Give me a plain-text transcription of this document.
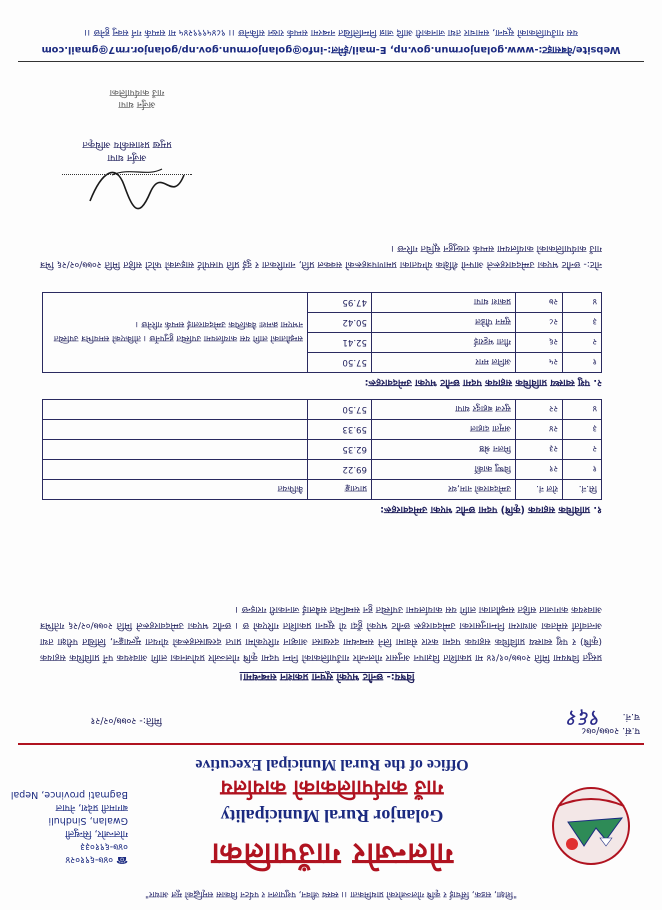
"शिक्षा, सडक, सिँचाई र कृषि गोलञ्जोरको प्राथमिकता ।। स्वस्थ जीवन, पशुपालन र पर्यटन विकास समृद्धिको मूल आधार"
गोलन्जोर गाउँपालिका
Golanjor Rural Municipality
गाउँ कार्यपालिकाको कार्यालय
Office of the Rural Municipal Executive
☎ ०४७-६९१०२४
०४७-६९१०३३
गोलन्जोर, सिन्धुली
Gwalan, Sindhuli
बागमती प्रदेश, नेपाल
Bagmati province, Nepal
प.सं. २०७७/०७८
च.नं.
९६१
मिति:- २०७७/०२/२१
विषय:- छनौट भएको सूचना प्रकाशन सम्बन्धमा।
प्रस्तुत विषयमा मिति २०७७/०१/१४ मा प्रकाशित विज्ञापन अनुसार गोलन्जोर गाउँपालिकाको निम्न पदमा कृषि गोलञ्जोर प्रयोजनका लागि आवश्यक पर्ने प्राविधिक सहायक (कृषि) र पशु स्वास्थ्य प्राविधिक सहायक पदमा करार सेवामा लिने सम्बन्धमा दरखास्त आव्हान गरिएकोमा प्राप्त दरखास्तहरूको योग्यता मूल्याङ्कन, लिखित परीक्षा तथा अन्तर्वार्ता समेतका आधारमा निम्नानुसारका उम्मेदवारहरू छनौट भएको हुँदा यो सूचना प्रकाशित गरिएको छ । छनौट भएका उम्मेदवारहरूले मिति २०७७/०२/२६ गतेभित्र आवश्यक कागजात सहित सम्झौताका लागि यस कार्यालयमा उपस्थित हुन सम्बन्धित सबैलाई जानकारी गराइन्छ ।
१. प्राविधिक सहायक (कृषि) पदमा छनौट भएका उम्मेदवारहरू:
सि.नं.	रोल नं.	उम्मेदवारको नाम,थर	प्राप्ताङ्क	कैफियत
१	२१	विष्णु कार्की	69.22	
२	२३	मिलन श्रेष्ठ	62.35	
३	२४	अमृता दाहाल	59.33	
४	२२	सुरज बहादुर थापा	57.50	
२. पशु स्वास्थ्य प्राविधिक सहायक पदमा छनौट भएका उम्मेदवारहरू:
१	२५	अनिल मगर	57.50	सम्झौताको लागि यस कार्यालयमा उपस्थित हुनुपर्नेछ । तोकिएको समयभित्र उपस्थित नभएमा क्रमशः वैकल्पिक उम्मेदवारलाई सम्पर्क गरिनेछ ।
२	२६	गीता भट्टराई	52.41	
३	२८	सुमन पौडेल	50.42	
४	२७	प्रकाश थापा	47.95	
नोट:- छनौट भएका उम्मेदवारहरूले आफ्नो शैक्षिक योग्यताका प्रमाणपत्रहरूको सक्कल प्रति, नागरिकता र दुई प्रति पासपोर्ट साइजको फोटो सहित मिति २०७७/०२/२६ भित्र गाउँ कार्यपालिकाको कार्यालयमा सम्पर्क राख्नुहुन सूचित गरिन्छ ।
अर्जुन थापा
प्रमुख प्रशासकीय अधिकृत
अर्जुन थापा
गाउँ कार्यपालिका
Website/वेबसाइट:-www.golanjormun.gov.np, E-mail/ईमेल:-info@golanjormun.gov.np/golanjor.rm7@gmail.com
यस गाउँपालिकाको सूचना, समाचार तथा जानकारी आदि जान्न निम्नलिखित नम्बरमा सम्पर्क राख्न सकिनेछ ।। ९८४५९९९२४५ मा सम्पर्क गर्न सक्नु हुनेछ ।।
